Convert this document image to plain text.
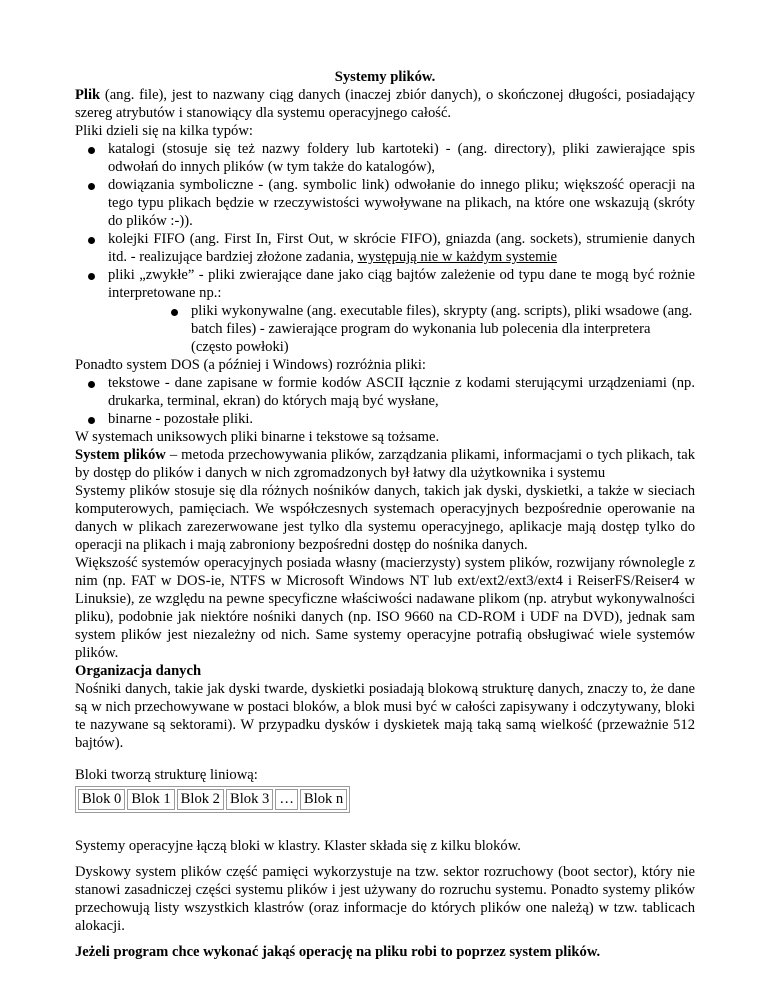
Systemy plików.

Plik (ang. file), jest to nazwany ciąg danych (inaczej zbiór danych), o skończonej długości, posiadający szereg atrybutów i stanowiący dla systemu operacyjnego całość.

Pliki dzieli się na kilka typów:

katalogi (stosuje się też nazwy foldery lub kartoteki) - (ang. directory), pliki zawierające spis odwołań do innych plików (w tym także do katalogów),
dowiązania symboliczne - (ang. symbolic link) odwołanie do innego pliku; większość operacji na tego typu plikach będzie w rzeczywistości wywoływane na plikach, na które one wskazują (skróty do plików :-)).
kolejki FIFO (ang. First In, First Out, w skrócie FIFO), gniazda (ang. sockets), strumienie danych itd. - realizujące bardziej złożone zadania, występują nie w każdym systemie
pliki „zwykłe” - pliki zwierające dane jako ciąg bajtów zależenie od typu dane te mogą być rożnie interpretowane np.:
pliki wykonywalne (ang. executable files), skrypty (ang. scripts), pliki wsadowe (ang. batch files) - zawierające program do wykonania lub polecenia dla interpretera (często powłoki)

Ponadto system DOS (a później i Windows) rozróżnia pliki:

tekstowe - dane zapisane w formie kodów ASCII łącznie z kodami sterującymi urządzeniami (np. drukarka, terminal, ekran) do których mają być wysłane,
binarne - pozostałe pliki.

W systemach uniksowych pliki binarne i tekstowe są tożsame.

System plików – metoda przechowywania plików, zarządzania plikami, informacjami o tych plikach, tak by dostęp do plików i danych w nich zgromadzonych był łatwy dla użytkownika i systemu

Systemy plików stosuje się dla różnych nośników danych, takich jak dyski, dyskietki, a także w sieciach komputerowych, pamięciach. We współczesnych systemach operacyjnych bezpośrednie operowanie na danych w plikach zarezerwowane jest tylko dla systemu operacyjnego, aplikacje mają dostęp tylko do operacji na plikach i mają zabroniony bezpośredni dostęp do nośnika danych.

Większość systemów operacyjnych posiada własny (macierzysty) system plików, rozwijany równolegle z nim (np. FAT w DOS-ie, NTFS w Microsoft Windows NT lub ext/ext2/ext3/ext4 i ReiserFS/Reiser4 w Linuksie), ze względu na pewne specyficzne właściwości nadawane plikom (np. atrybut wykonywalności pliku), podobnie jak niektóre nośniki danych (np. ISO 9660 na CD-ROM i UDF na DVD), jednak sam system plików jest niezależny od nich. Same systemy operacyjne potrafią obsługiwać wiele systemów plików.

Organizacja danych

Nośniki danych, takie jak dyski twarde, dyskietki posiadają blokową strukturę danych, znaczy to, że dane są w nich przechowywane w postaci bloków, a blok musi być w całości zapisywany i odczytywany, bloki te nazywane są sektorami). W przypadku dysków i dyskietek mają taką samą wielkość (przeważnie 512 bajtów).

Bloki tworzą strukturę liniową:

Blok 0	Blok 1	Blok 2	Blok 3	…	Blok n

Systemy operacyjne łączą bloki w klastry. Klaster składa się z kilku bloków.

Dyskowy system plików część pamięci wykorzystuje na tzw. sektor rozruchowy (boot sector), który nie stanowi zasadniczej części systemu plików i jest używany do rozruchu systemu. Ponadto systemy plików przechowują listy wszystkich klastrów (oraz informacje do których plików one należą) w tzw. tablicach alokacji.

Jeżeli program chce wykonać jakąś operację na pliku robi to poprzez system plików.
